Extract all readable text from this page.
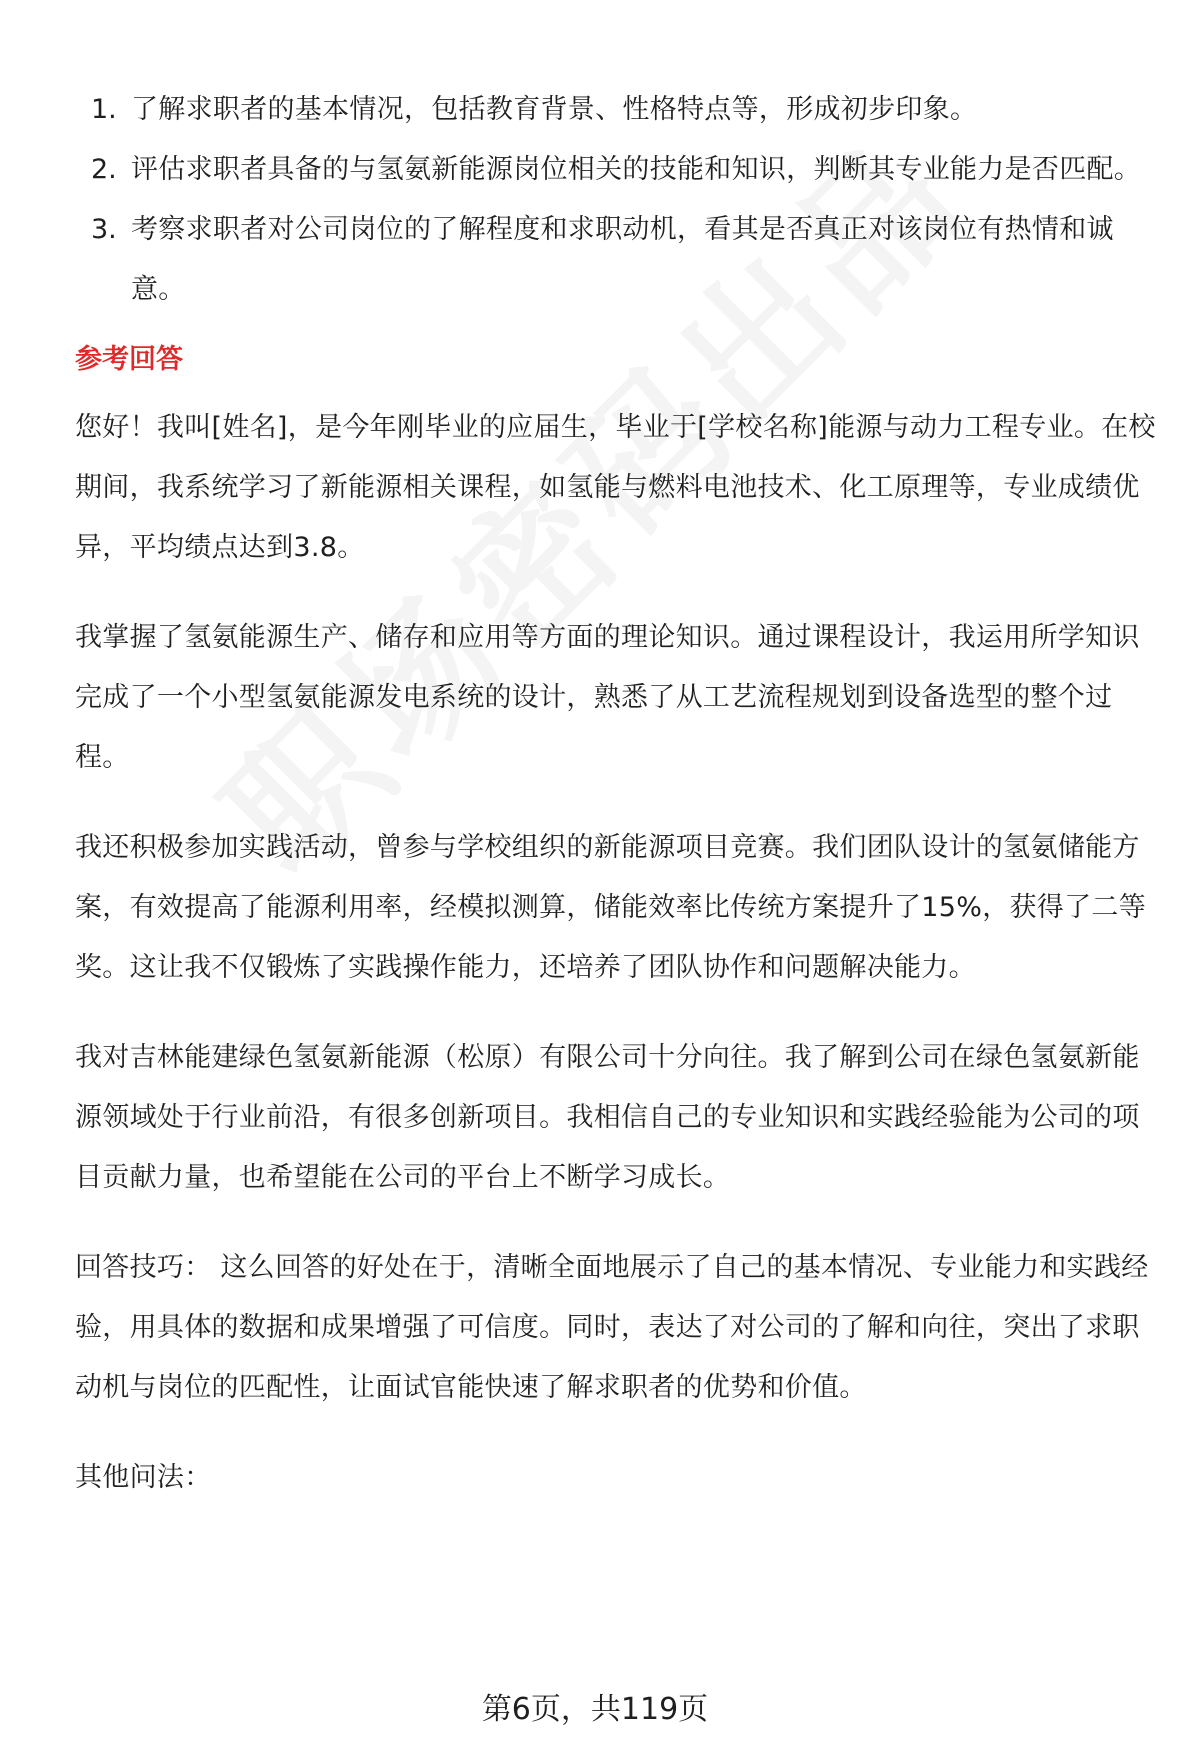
1. 了解求职者的基本情况，包括教育背景、性格特点等，形成初步印象。

2. 评估求职者具备的与氢氨新能源岗位相关的技能和知识，判断其专业能力是否匹配。

3. 考察求职者对公司岗位的了解程度和求职动机，看其是否真正对该岗位有热情和诚意。

参考回答

您好！我叫[姓名]，是今年刚毕业的应届生，毕业于[学校名称]能源与动力工程专业。在校期间，我系统学习了新能源相关课程，如氢能与燃料电池技术、化工原理等，专业成绩优异，平均绩点达到3.8。

我掌握了氢氨能源生产、储存和应用等方面的理论知识。通过课程设计，我运用所学知识完成了一个小型氢氨能源发电系统的设计，熟悉了从工艺流程规划到设备选型的整个过程。

我还积极参加实践活动，曾参与学校组织的新能源项目竞赛。我们团队设计的氢氨储能方案，有效提高了能源利用率，经模拟测算，储能效率比传统方案提升了15%，获得了二等奖。这让我不仅锻炼了实践操作能力，还培养了团队协作和问题解决能力。

我对吉林能建绿色氢氨新能源（松原）有限公司十分向往。我了解到公司在绿色氢氨新能源领域处于行业前沿，有很多创新项目。我相信自己的专业知识和实践经验能为公司的项目贡献力量，也希望能在公司的平台上不断学习成长。

回答技巧： 这么回答的好处在于，清晰全面地展示了自己的基本情况、专业能力和实践经验，用具体的数据和成果增强了可信度。同时，表达了对公司的了解和向往，突出了求职动机与岗位的匹配性，让面试官能快速了解求职者的优势和价值。

其他问法：

第6页，共119页
